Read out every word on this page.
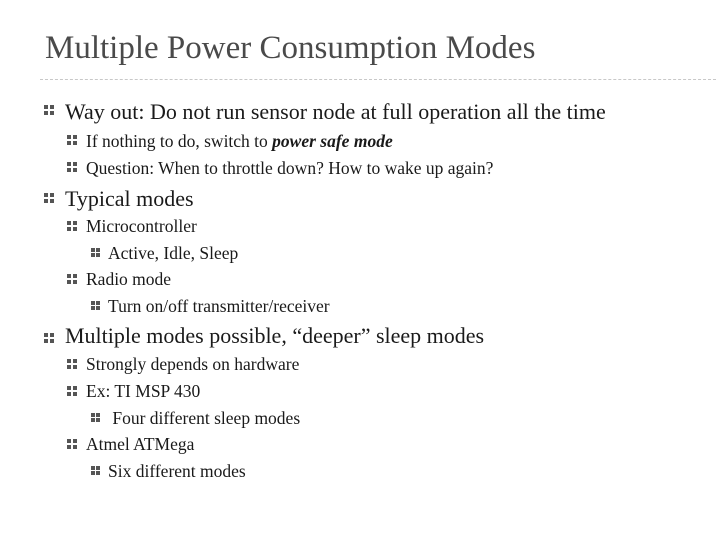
Multiple Power Consumption Modes
Way out: Do not run sensor node at full operation all the time
If nothing to do, switch to power safe mode
Question: When to throttle down? How to wake up again?
Typical modes
Microcontroller
Active, Idle, Sleep
Radio mode
Turn on/off transmitter/receiver
Multiple modes possible, “deeper” sleep modes
Strongly depends on hardware
Ex: TI MSP 430
Four different sleep modes
Atmel ATMega
Six different modes
